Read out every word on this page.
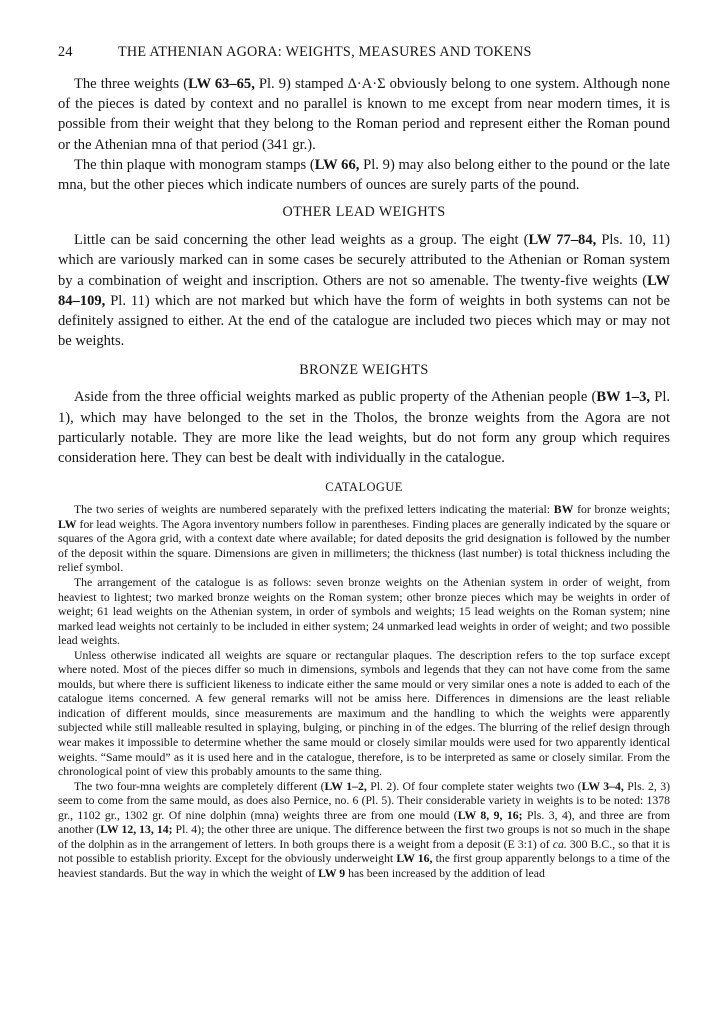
24	THE ATHENIAN AGORA: WEIGHTS, MEASURES AND TOKENS

The three weights (LW 63–65, Pl. 9) stamped Δ·Α·Σ obviously belong to one system. Although none of the pieces is dated by context and no parallel is known to me except from near modern times, it is possible from their weight that they belong to the Roman period and represent either the Roman pound or the Athenian mna of that period (341 gr.).

The thin plaque with monogram stamps (LW 66, Pl. 9) may also belong either to the pound or the late mna, but the other pieces which indicate numbers of ounces are surely parts of the pound.

OTHER LEAD WEIGHTS

Little can be said concerning the other lead weights as a group. The eight (LW 77–84, Pls. 10, 11) which are variously marked can in some cases be securely attributed to the Athenian or Roman system by a combination of weight and inscription. Others are not so amenable. The twenty-five weights (LW 84–109, Pl. 11) which are not marked but which have the form of weights in both systems can not be definitely assigned to either. At the end of the catalogue are included two pieces which may or may not be weights.

BRONZE WEIGHTS

Aside from the three official weights marked as public property of the Athenian people (BW 1–3, Pl. 1), which may have belonged to the set in the Tholos, the bronze weights from the Agora are not particularly notable. They are more like the lead weights, but do not form any group which requires consideration here. They can best be dealt with individually in the catalogue.

CATALOGUE

The two series of weights are numbered separately with the prefixed letters indicating the material: BW for bronze weights; LW for lead weights. The Agora inventory numbers follow in parentheses. Finding places are generally indicated by the square or squares of the Agora grid, with a context date where available; for dated deposits the grid designation is followed by the number of the deposit within the square. Dimensions are given in millimeters; the thickness (last number) is total thickness including the relief symbol.

The arrangement of the catalogue is as follows: seven bronze weights on the Athenian system in order of weight, from heaviest to lightest; two marked bronze weights on the Roman system; other bronze pieces which may be weights in order of weight; 61 lead weights on the Athenian system, in order of symbols and weights; 15 lead weights on the Roman system; nine marked lead weights not certainly to be included in either system; 24 unmarked lead weights in order of weight; and two possible lead weights.

Unless otherwise indicated all weights are square or rectangular plaques. The description refers to the top surface except where noted. Most of the pieces differ so much in dimensions, symbols and legends that they can not have come from the same moulds, but where there is sufficient likeness to indicate either the same mould or very similar ones a note is added to each of the catalogue items concerned. A few general remarks will not be amiss here. Differences in dimensions are the least reliable indication of different moulds, since measurements are maximum and the handling to which the weights were apparently subjected while still malleable resulted in splaying, bulging, or pinching in of the edges. The blurring of the relief design through wear makes it impossible to determine whether the same mould or closely similar moulds were used for two apparently identical weights. “Same mould” as it is used here and in the catalogue, therefore, is to be interpreted as same or closely similar. From the chronological point of view this probably amounts to the same thing.

The two four-mna weights are completely different (LW 1–2, Pl. 2). Of four complete stater weights two (LW 3–4, Pls. 2, 3) seem to come from the same mould, as does also Pernice, no. 6 (Pl. 5). Their considerable variety in weights is to be noted: 1378 gr., 1102 gr., 1302 gr. Of nine dolphin (mna) weights three are from one mould (LW 8, 9, 16; Pls. 3, 4), and three are from another (LW 12, 13, 14; Pl. 4); the other three are unique. The difference between the first two groups is not so much in the shape of the dolphin as in the arrangement of letters. In both groups there is a weight from a deposit (E 3:1) of ca. 300 B.C., so that it is not possible to establish priority. Except for the obviously underweight LW 16, the first group apparently belongs to a time of the heaviest standards. But the way in which the weight of LW 9 has been increased by the addition of lead
